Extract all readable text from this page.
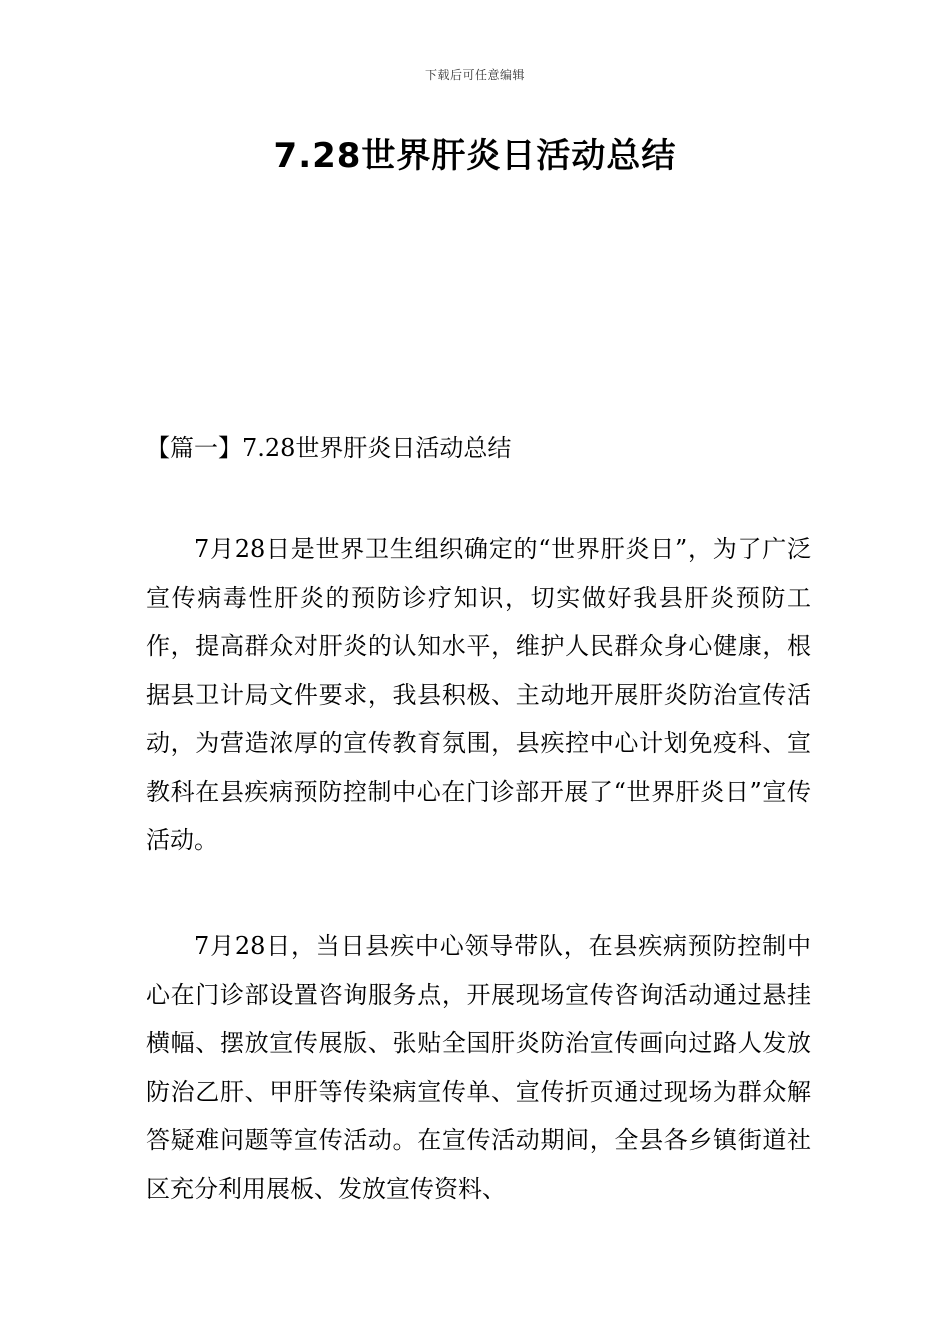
下载后可任意编辑
7.28世界肝炎日活动总结
【篇一】7.28世界肝炎日活动总结

7月28日是世界卫生组织确定的“世界肝炎日”，为了广泛宣传病毒性肝炎的预防诊疗知识，切实做好我县肝炎预防工作，提高群众对肝炎的认知水平，维护人民群众身心健康，根据县卫计局文件要求，我县积极、主动地开展肝炎防治宣传活动，为营造浓厚的宣传教育氛围，县疾控中心计划免疫科、宣教科在县疾病预防控制中心在门诊部开展了“世界肝炎日”宣传活动。

7月28日，当日县疾中心领导带队，在县疾病预防控制中心在门诊部设置咨询服务点，开展现场宣传咨询活动通过悬挂横幅、摆放宣传展版、张贴全国肝炎防治宣传画向过路人发放防治乙肝、甲肝等传染病宣传单、宣传折页通过现场为群众解答疑难问题等宣传活动。在宣传活动期间，全县各乡镇街道社区充分利用展板、发放宣传资料、
